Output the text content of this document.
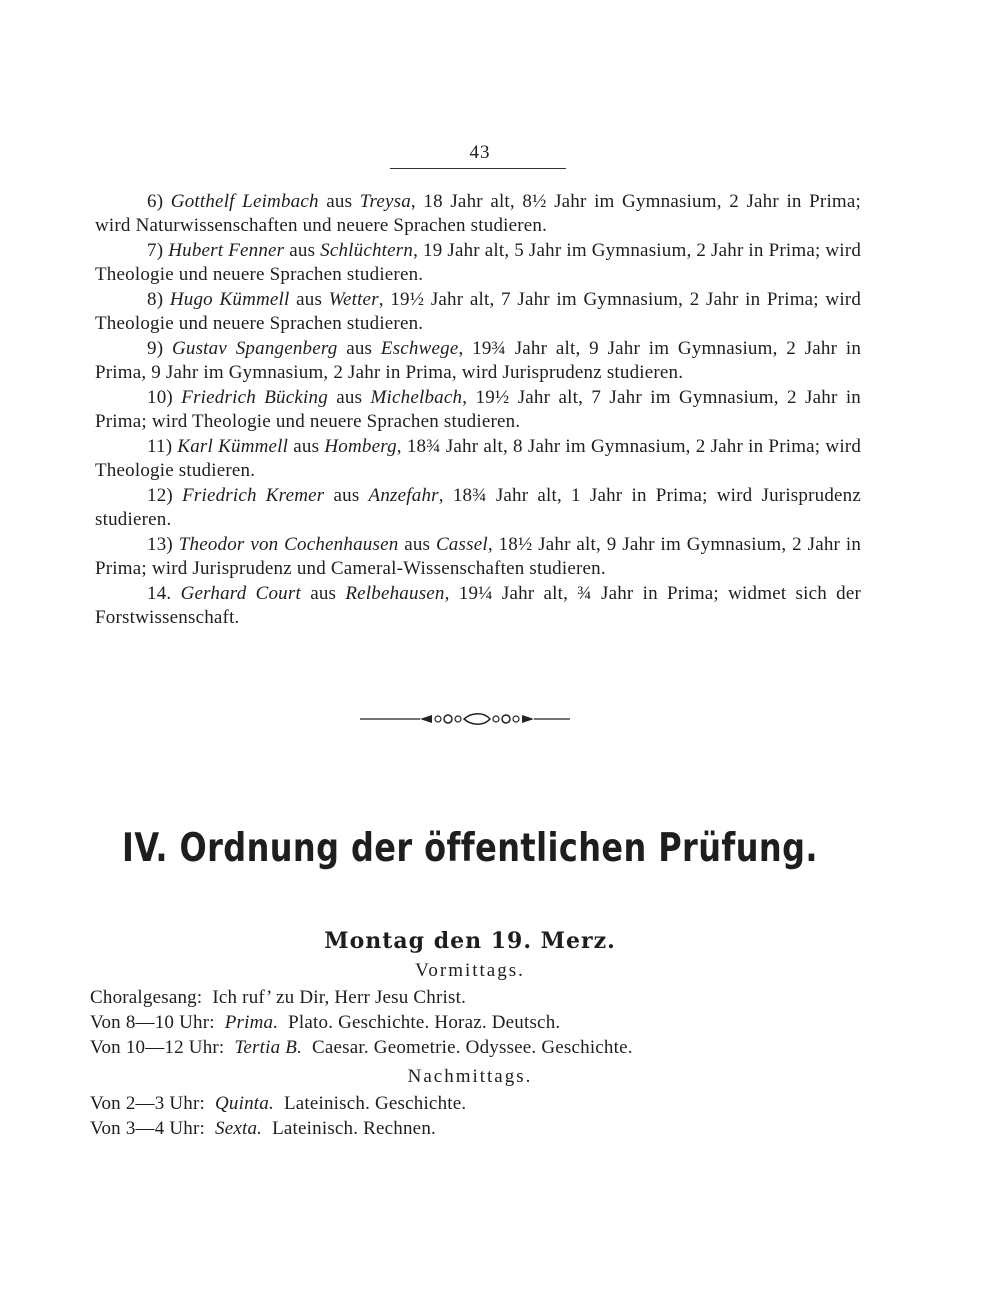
43

6) Gotthelf Leimbach aus Treysa, 18 Jahr alt, 8½ Jahr im Gymnasium, 2 Jahr in Prima; wird Naturwissenschaften und neuere Sprachen studieren.

7) Hubert Fenner aus Schlüchtern, 19 Jahr alt, 5 Jahr im Gymnasium, 2 Jahr in Prima; wird Theologie und neuere Sprachen studieren.

8) Hugo Kümmell aus Wetter, 19½ Jahr alt, 7 Jahr im Gymnasium, 2 Jahr in Prima; wird Theologie und neuere Sprachen studieren.

9) Gustav Spangenberg aus Eschwege, 19¾ Jahr alt, 9 Jahr im Gymnasium, 2 Jahr in Prima, 9 Jahr im Gymnasium, 2 Jahr in Prima, wird Jurisprudenz studieren.

10) Friedrich Bücking aus Michelbach, 19½ Jahr alt, 7 Jahr im Gymnasium, 2 Jahr in Prima; wird Theologie und neuere Sprachen studieren.

11) Karl Kümmell aus Homberg, 18¾ Jahr alt, 8 Jahr im Gymnasium, 2 Jahr in Prima; wird Theologie studieren.

12) Friedrich Kremer aus Anzefahr, 18¾ Jahr alt, 1 Jahr in Prima; wird Jurisprudenz studieren.

13) Theodor von Cochenhausen aus Cassel, 18½ Jahr alt, 9 Jahr im Gymnasium, 2 Jahr in Prima; wird Jurisprudenz und Cameral-Wissenschaften studieren.

14. Gerhard Court aus Relbehausen, 19¼ Jahr alt, ¾ Jahr in Prima; widmet sich der Forstwissenschaft.

IV. Ordnung der öffentlichen Prüfung.
Montag den 19. Merz.
Vormittags.
Choralgesang: Ich ruf’ zu Dir, Herr Jesu Christ.
Von 8—10 Uhr: Prima. Plato. Geschichte. Horaz. Deutsch.
Von 10—12 Uhr: Tertia B. Caesar. Geometrie. Odyssee. Geschichte.
Nachmittags.
Von 2—3 Uhr: Quinta. Lateinisch. Geschichte.
Von 3—4 Uhr: Sexta. Lateinisch. Rechnen.
